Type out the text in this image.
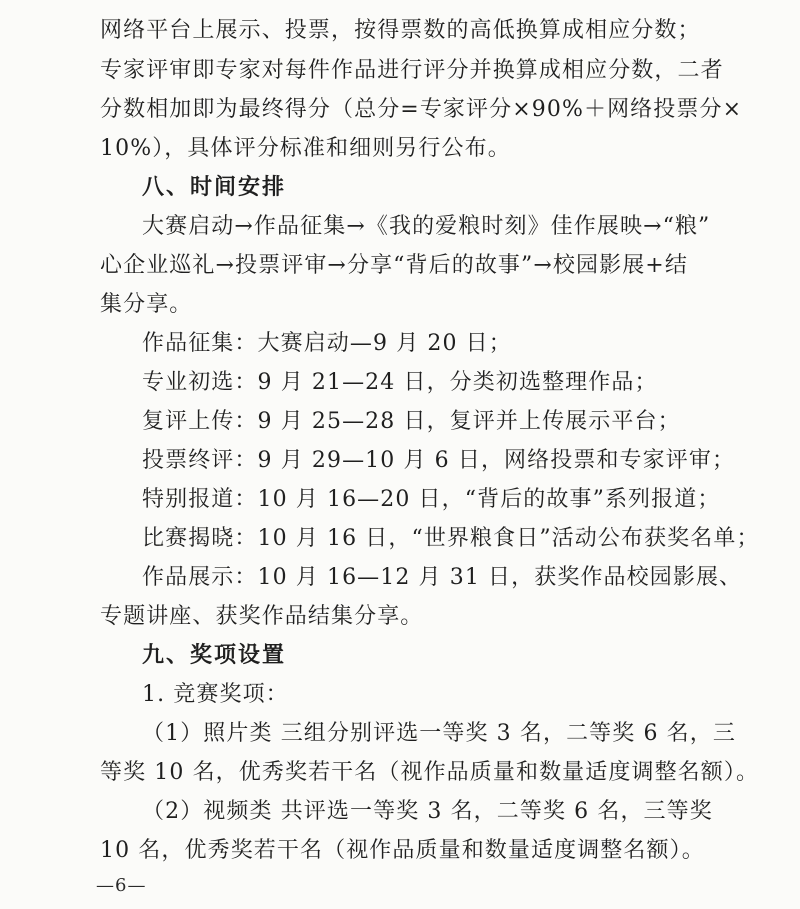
网络平台上展示、投票，按得票数的高低换算成相应分数；
专家评审即专家对每件作品进行评分并换算成相应分数，二者
分数相加即为最终得分（总分=专家评分×90%＋网络投票分×
10%），具体评分标准和细则另行公布。
八、时间安排
大赛启动→作品征集→《我的爱粮时刻》佳作展映→“粮”
心企业巡礼→投票评审→分享“背后的故事”→校园影展+结
集分享。
作品征集：大赛启动—9 月 20 日；
专业初选：9 月 21—24 日，分类初选整理作品；
复评上传：9 月 25—28 日，复评并上传展示平台；
投票终评：9 月 29—10 月 6 日，网络投票和专家评审；
特别报道：10 月 16—20 日，“背后的故事”系列报道；
比赛揭晓：10 月 16 日，“世界粮食日”活动公布获奖名单；
作品展示：10 月 16—12 月 31 日，获奖作品校园影展、
专题讲座、获奖作品结集分享。
九、奖项设置
1. 竞赛奖项：
（1）照片类 三组分别评选一等奖 3 名，二等奖 6 名，三
等奖 10 名，优秀奖若干名（视作品质量和数量适度调整名额）。
（2）视频类 共评选一等奖 3 名，二等奖 6 名，三等奖
10 名，优秀奖若干名（视作品质量和数量适度调整名额）。
—6—
